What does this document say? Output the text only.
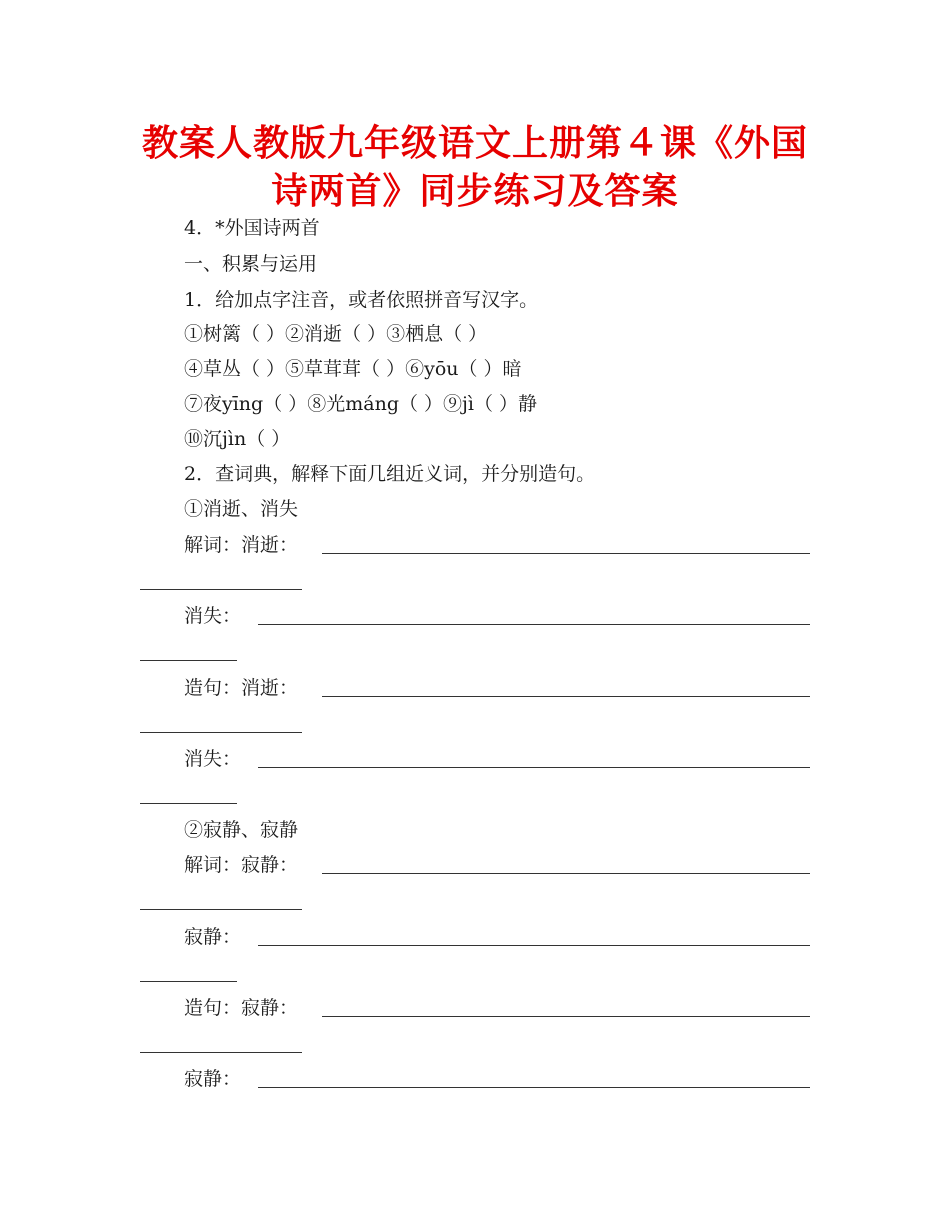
教案人教版九年级语文上册第４课《外国诗两首》同步练习及答案
4．*外国诗两首
一、积累与运用
1．给加点字注音，或者依照拼音写汉字。
①树篱（ ）②消逝（ ）③栖息（ ）
④草丛（ ）⑤草茸茸（ ）⑥yōu（ ）暗
⑦夜yīng（ ）⑧光máng（ ）⑨jì（ ）静
⑩沉jìn（ ）
2．查词典，解释下面几组近义词，并分别造句。
①消逝、消失
解词：消逝：
消失：
造句：消逝：
消失：
②寂静、寂静
解词：寂静：
寂静：
造句：寂静：
寂静：
